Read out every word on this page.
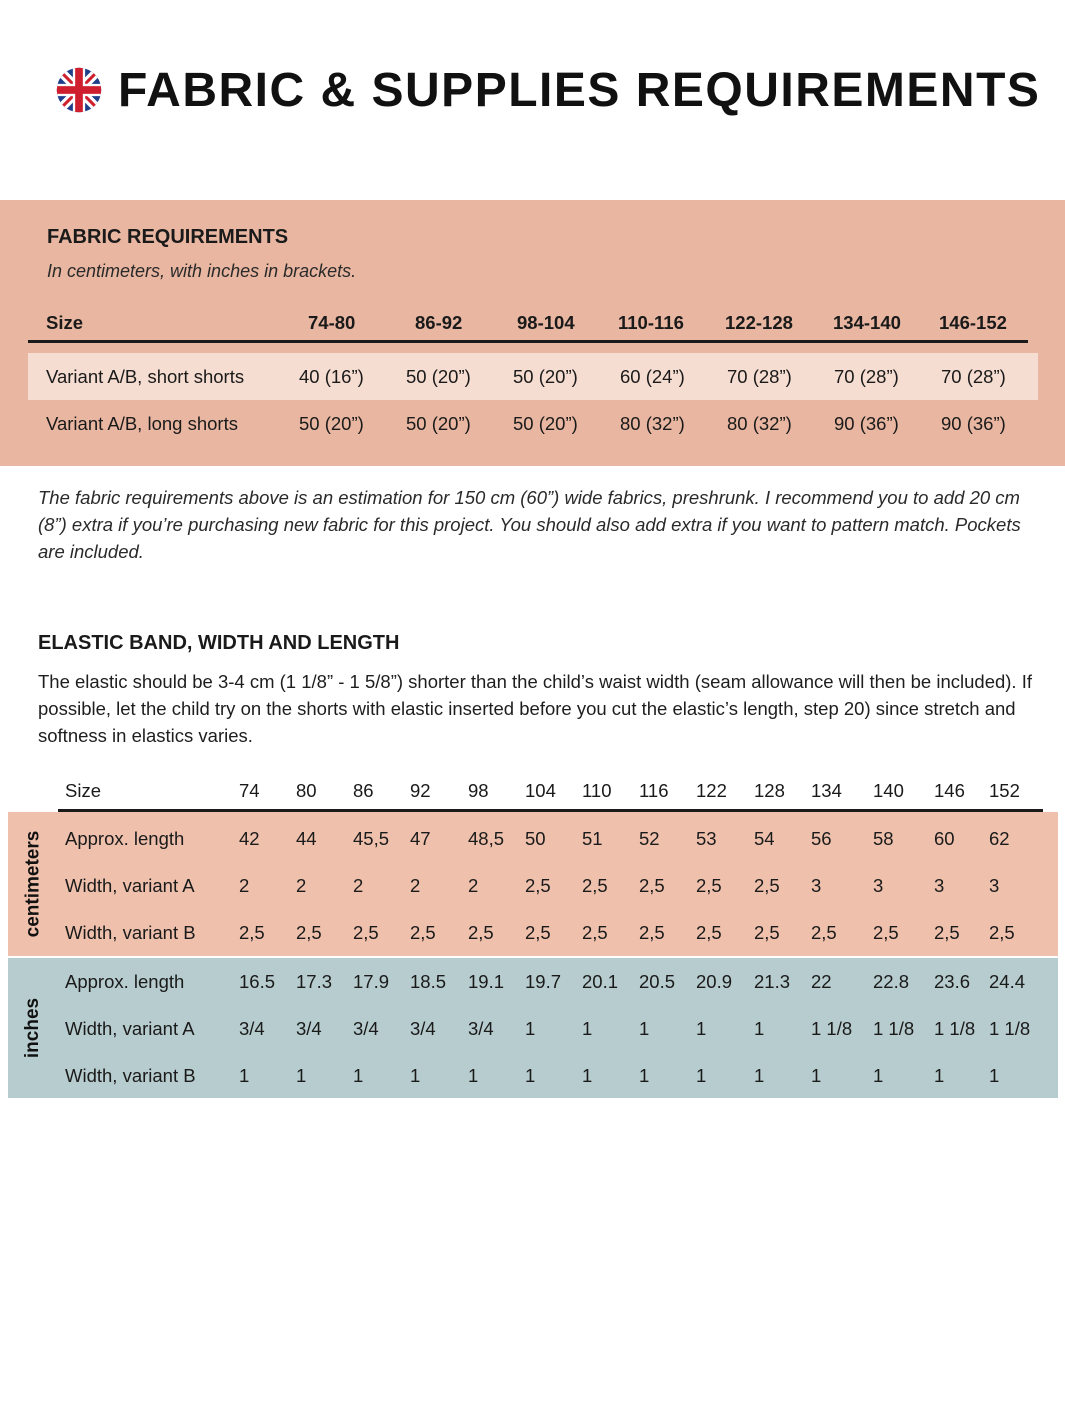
FABRIC & SUPPLIES REQUIREMENTS
FABRIC REQUIREMENTS
In centimeters, with inches in brackets.
Size	74-80	86-92	98-104 110-116 122-128 134-140 146-152
Variant A/B, short shorts	40 (16”) 50 (20”) 50 (20”) 60 (24”) 70 (28”) 70 (28”) 70 (28”)
Variant A/B, long shorts	50 (20”) 50 (20”) 50 (20”) 80 (32”) 80 (32”) 90 (36”) 90 (36”)
The fabric requirements above is an estimation for 150 cm (60”) wide fabrics, preshrunk. I recommend you to add 20 cm (8”) extra if you’re purchasing new fabric for this project. You should also add extra if you want to pattern match. Pockets are included.
ELASTIC BAND, WIDTH AND LENGTH
The elastic should be 3-4 cm (1 1/8” - 1 5/8”) shorter than the child’s waist width (seam allowance will then be included). If possible, let the child try on the shorts with elastic inserted before you cut the elastic’s length, step 20) since stretch and softness in elastics varies.
Size	74 80 86 92 98 104 110 116 122 128 134 140 146 152
centimeters Approx. length	42 44 45,5 47 48,5 50 51 52 53 54 56 58 60 62
Width, variant A 2	2	2	2	2	2,5 2,5 2,5 2,5 2,5 3	3	3 3
Width, variant B 2,5 2,5 2,5 2,5 2,5 2,5 2,5 2,5 2,5 2,5 2,5 2,5 2,5 2,5
inches
Approx. length	16.5 17.3 17.9 18.5 19.1 19.7 20.1 20.5 20.9 21.3 22 22.8 23.6 24.4
Width, variant A 3/4 3/4 3/4 3/4 3/4 1	1	1	1	1	1 1/8 1 1/8 1 1/8 1 1/8
Width, variant B 1	1	1	1	1	1	1	1	1	1	1	1	1 1
